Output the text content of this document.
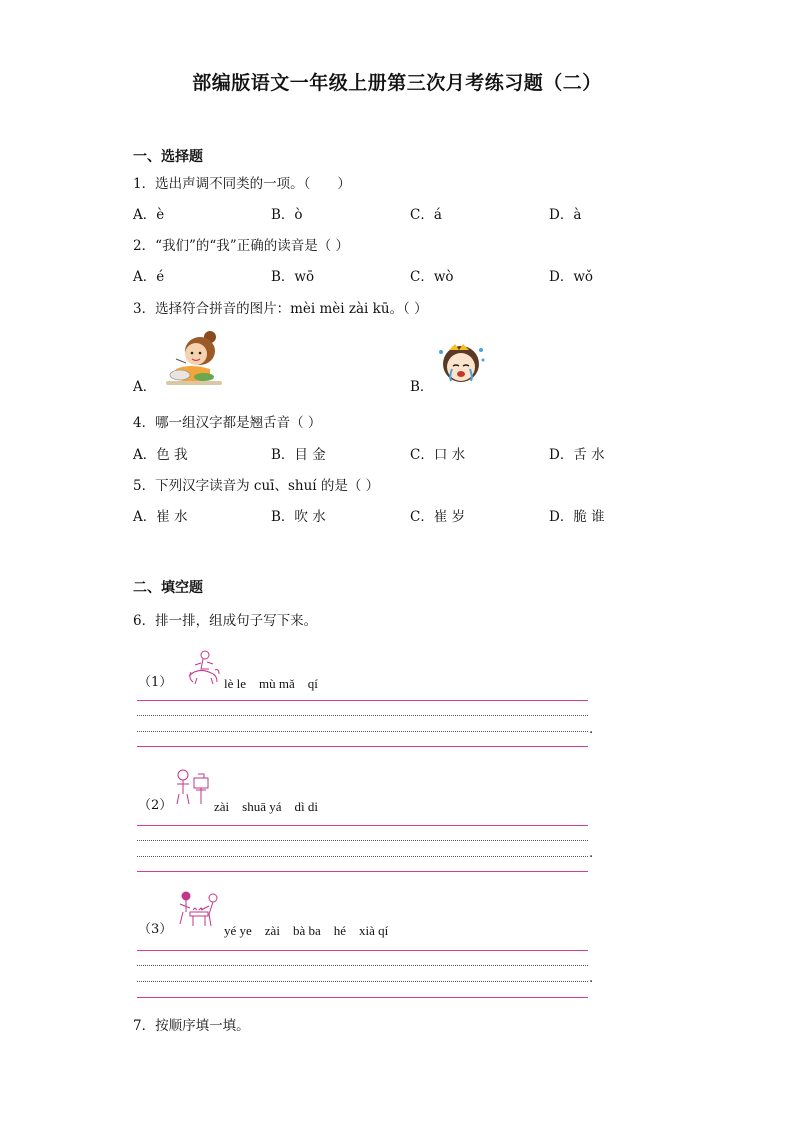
部编版语文一年级上册第三次月考练习题（二）
一、选择题
1．选出声调不同类的一项。（　　）
A．è	B．ò	C．á	D．à
2．“我们”的“我”正确的读音是（ ）
A．é	B．wō	C．wò	D．wǒ
3．选择符合拼音的图片：mèi mèi zài kū。（ ）
A．	B．
4．哪一组汉字都是翘舌音（ ）
A．色 我	B．目 金	C．口 水	D．舌 水
5．下列汉字读音为 cuī、shuí 的是（ ）
A．崔 水	B．吹 水	C．崔 岁	D．脆 谁
二、填空题
6．排一排，组成句子写下来。
（1）	lè le　mù mǎ　qí
.
（2）	zài　shuā yá　dì di
.
（3）	yé ye　zài　bà ba　hé　xià qí
.
7．按顺序填一填。
